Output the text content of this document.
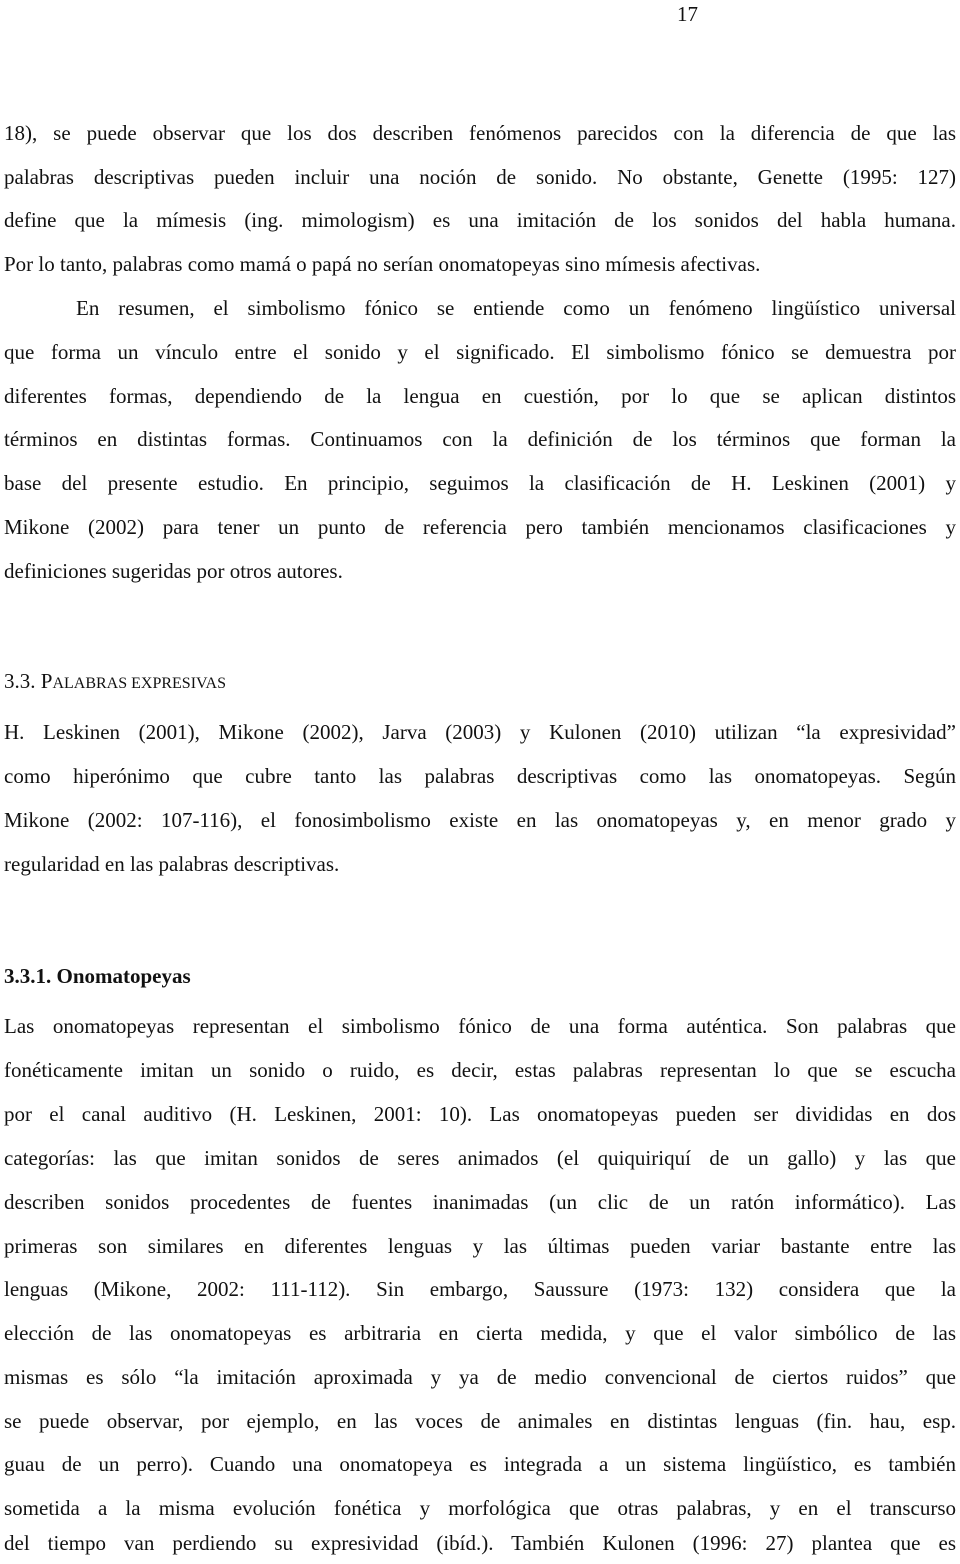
17
18), se puede observar que los dos describen fenómenos parecidos con la diferencia de que las
palabras descriptivas pueden incluir una noción de sonido. No obstante, Genette (1995: 127)
define que la mímesis (ing. mimologism) es una imitación de los sonidos del habla humana.
Por lo tanto, palabras como mamá o papá no serían onomatopeyas sino mímesis afectivas.
En resumen, el simbolismo fónico se entiende como un fenómeno lingüístico universal
que forma un vínculo entre el sonido y el significado. El simbolismo fónico se demuestra por
diferentes formas, dependiendo de la lengua en cuestión, por lo que se aplican distintos
términos en distintas formas. Continuamos con la definición de los términos que forman la
base del presente estudio. En principio, seguimos la clasificación de H. Leskinen (2001) y
Mikone (2002) para tener un punto de referencia pero también mencionamos clasificaciones y
definiciones sugeridas por otros autores.
3.3. PALABRAS EXPRESIVAS
H. Leskinen (2001), Mikone (2002), Jarva (2003) y Kulonen (2010) utilizan “la expresividad”
como hiperónimo que cubre tanto las palabras descriptivas como las onomatopeyas. Según
Mikone (2002: 107-116), el fonosimbolismo existe en las onomatopeyas y, en menor grado y
regularidad en las palabras descriptivas.
3.3.1. Onomatopeyas
Las onomatopeyas representan el simbolismo fónico de una forma auténtica. Son palabras que
fonéticamente imitan un sonido o ruido, es decir, estas palabras representan lo que se escucha
por el canal auditivo (H. Leskinen, 2001: 10). Las onomatopeyas pueden ser divididas en dos
categorías: las que imitan sonidos de seres animados (el quiquiriquí de un gallo) y las que
describen sonidos procedentes de fuentes inanimadas (un clic de un ratón informático). Las
primeras son similares en diferentes lenguas y las últimas pueden variar bastante entre las
lenguas (Mikone, 2002: 111-112). Sin embargo, Saussure (1973: 132) considera que la
elección de las onomatopeyas es arbitraria en cierta medida, y que el valor simbólico de las
mismas es sólo “la imitación aproximada y ya de medio convencional de ciertos ruidos” que
se puede observar, por ejemplo, en las voces de animales en distintas lenguas (fin. hau, esp.
guau de un perro). Cuando una onomatopeya es integrada a un sistema lingüístico, es también
sometida a la misma evolución fonética y morfológica que otras palabras, y en el transcurso
del tiempo van perdiendo su expresividad (ibíd.). También Kulonen (1996: 27) plantea que es
